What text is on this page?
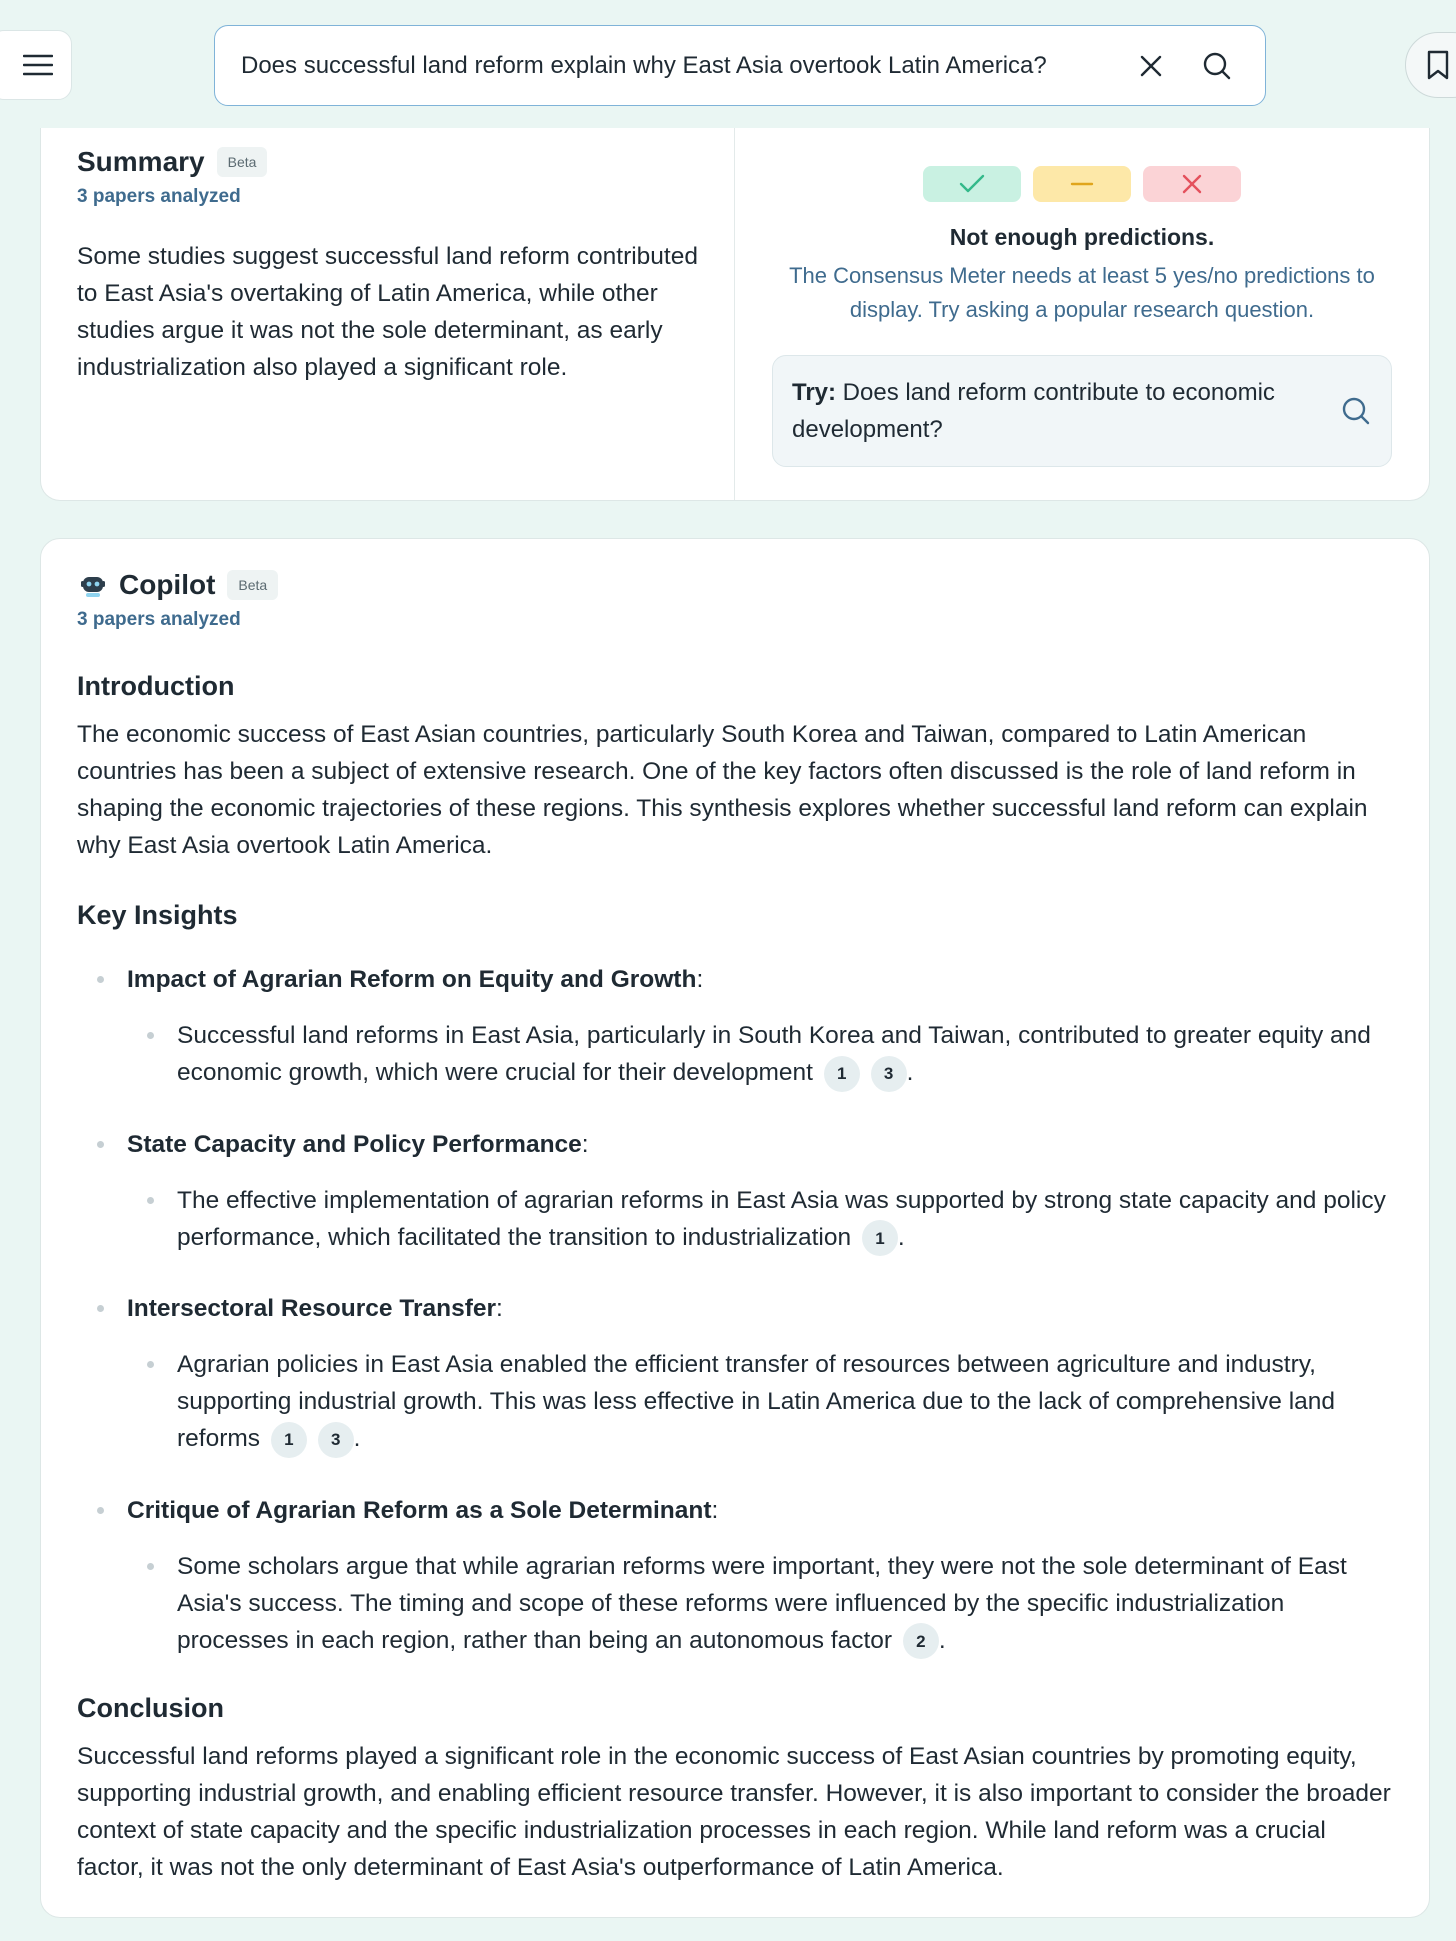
Does successful land reform explain why East Asia overtook Latin America?
Summary	Beta
3 papers analyzed

Some studies suggest successful land reform contributed to East Asia's overtaking of Latin America, while other studies argue it was not the sole determinant, as early industrialization also played a significant role.

Not enough predictions.
The Consensus Meter needs at least 5 yes/no predictions to display. Try asking a popular research question.
Try: Does land reform contribute to economic development?
Copilot	Beta
3 papers analyzed
Introduction

The economic success of East Asian countries, particularly South Korea and Taiwan, compared to Latin American countries has been a subject of extensive research. One of the key factors often discussed is the role of land reform in shaping the economic trajectories of these regions. This synthesis explores whether successful land reform can explain why East Asia overtook Latin America.

Key Insights
Impact of Agrarian Reform on Equity and Growth:
Successful land reforms in East Asia, particularly in South Korea and Taiwan, contributed to greater equity and economic growth, which were crucial for their development 1 3 .
State Capacity and Policy Performance:
The effective implementation of agrarian reforms in East Asia was supported by strong state capacity and policy performance, which facilitated the transition to industrialization 1 .
Intersectoral Resource Transfer:
Agrarian policies in East Asia enabled the efficient transfer of resources between agriculture and industry, supporting industrial growth. This was less effective in Latin America due to the lack of comprehensive land reforms 1 3 .
Critique of Agrarian Reform as a Sole Determinant:
Some scholars argue that while agrarian reforms were important, they were not the sole determinant of East Asia's success. The timing and scope of these reforms were influenced by the specific industrialization processes in each region, rather than being an autonomous factor 2 .
Conclusion

Successful land reforms played a significant role in the economic success of East Asian countries by promoting equity, supporting industrial growth, and enabling efficient resource transfer. However, it is also important to consider the broader context of state capacity and the specific industrialization processes in each region. While land reform was a crucial factor, it was not the only determinant of East Asia's outperformance of Latin America.
